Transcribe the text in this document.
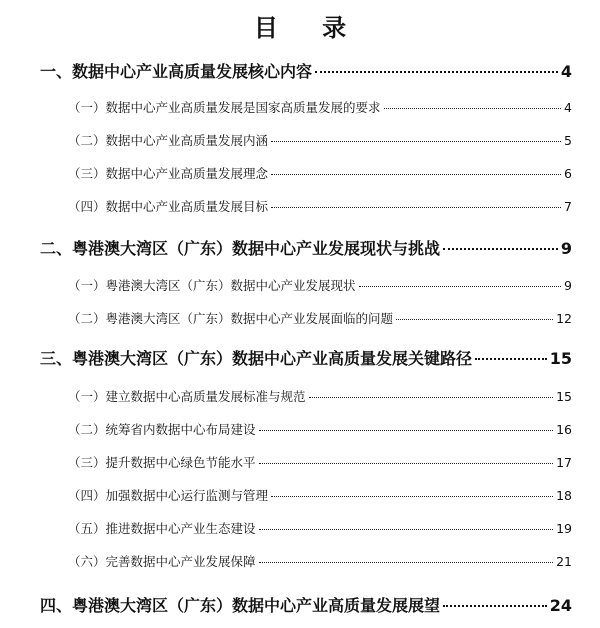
目 录
一、数据中心产业高质量发展核心内容	4
（一）数据中心产业高质量发展是国家高质量发展的要求	4
（二）数据中心产业高质量发展内涵	5
（三）数据中心产业高质量发展理念	6
（四）数据中心产业高质量发展目标	7
二、粤港澳大湾区（广东）数据中心产业发展现状与挑战	9
（一）粤港澳大湾区（广东）数据中心产业发展现状	9
（二）粤港澳大湾区（广东）数据中心产业发展面临的问题	12
三、粤港澳大湾区（广东）数据中心产业高质量发展关键路径	15
（一）建立数据中心高质量发展标准与规范	15
（二）统筹省内数据中心布局建设	16
（三）提升数据中心绿色节能水平	17
（四）加强数据中心运行监测与管理	18
（五）推进数据中心产业生态建设	19
（六）完善数据中心产业发展保障	21
四、粤港澳大湾区（广东）数据中心产业高质量发展展望	24
